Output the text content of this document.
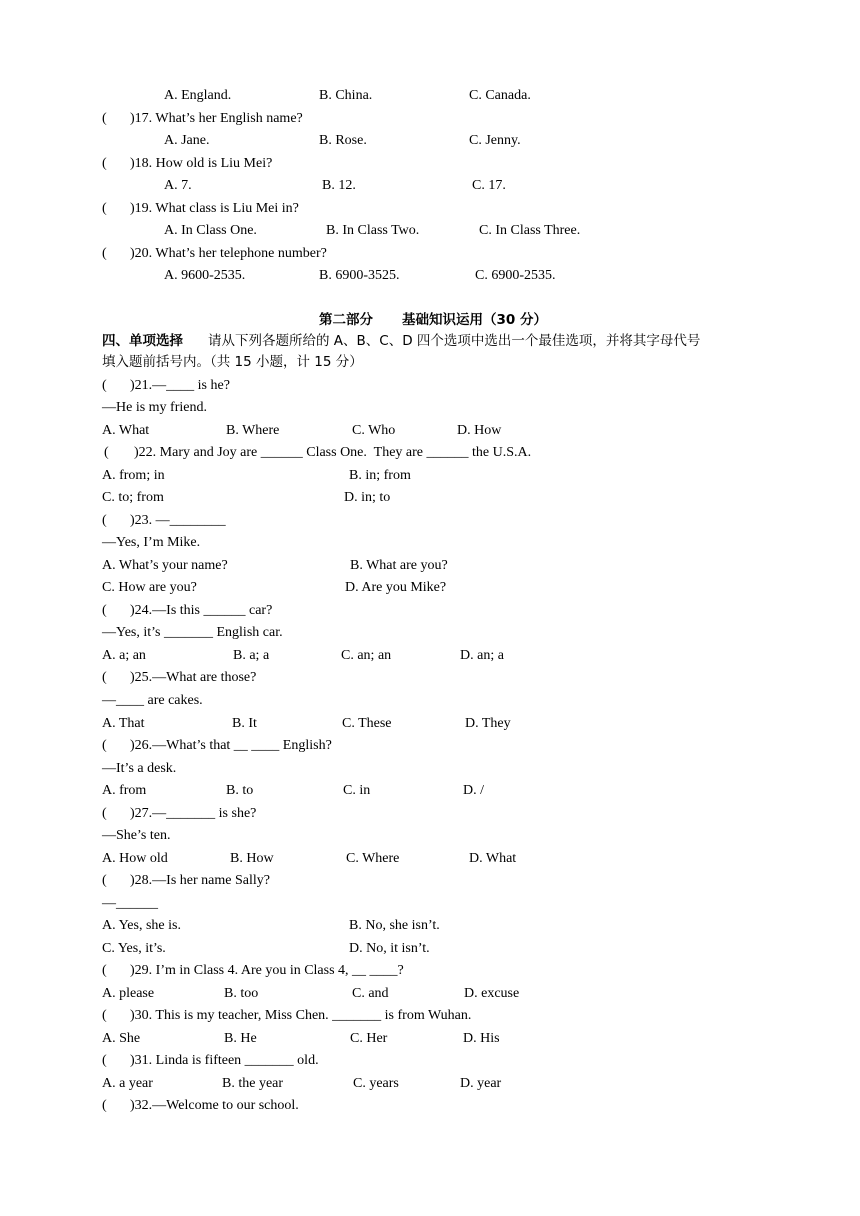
A. England.	B. China.	C. Canada.
( )17. What’s her English name?
A. Jane.	B. Rose.	C. Jenny.
( )18. How old is Liu Mei?
A. 7.	B. 12.	C. 17.
( )19. What class is Liu Mei in?
A. In Class One.	B. In Class Two.	C. In Class Three.
( )20. What’s her telephone number?
A. 9600-2535.	B. 6900-3525.	C. 6900-2535.
第二部分 基础知识运用（30 分）
四、单项选择 请从下列各题所给的 A、B、C、D 四个选项中选出一个最佳选项，并将其字母代号
填入题前括号内。（共 15 小题，计 15 分）
( )21.—____ is he?
—He is my friend.
A. What	B. Where	C. Who	D. How
( )22. Mary and Joy are ______ Class One.  They are ______ the U.S.A.
A. from; in	B. in; from
C. to; from	D. in; to
( )23. —________
—Yes, I’m Mike.
A. What’s your name?	B. What are you?
C. How are you?	D. Are you Mike?
( )24.—Is this ______ car?
—Yes, it’s _______ English car.
A. a; an	B. a; a	C. an; an	D. an; a
( )25.—What are those?
—____ are cakes.
A. That	B. It	C. These	D. They
( )26.—What’s that __ ____ English?
—It’s a desk.
A. from	B. to	C. in	D. /
( )27.—_______ is she?
—She’s ten.
A. How old	B. How	C. Where	D. What
( )28.—Is her name Sally?
—______
A. Yes, she is.	B. No, she isn’t.
C. Yes, it’s.	D. No, it isn’t.
( )29. I’m in Class 4. Are you in Class 4, __ ____?
A. please	B. too	C. and	D. excuse
( )30. This is my teacher, Miss Chen. _______ is from Wuhan.
A. She	B. He	C. Her	D. His
( )31. Linda is fifteen _______ old.
A. a year	B. the year	C. years	D. year
( )32.—Welcome to our school.
